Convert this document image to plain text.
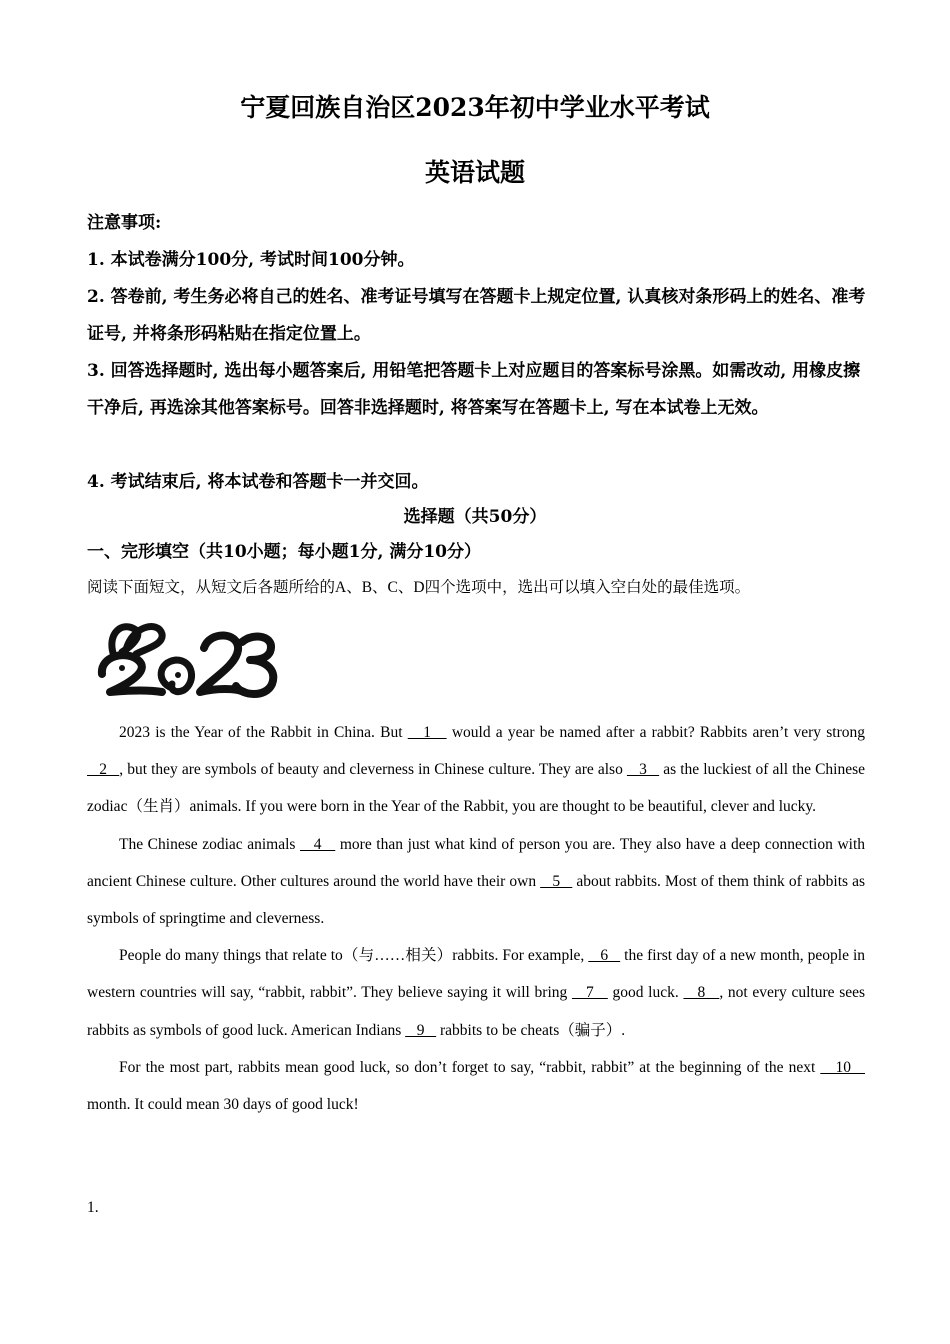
宁夏回族自治区2023年初中学业水平考试
英语试题
注意事项:
1. 本试卷满分100分, 考试时间100分钟。
2. 答卷前, 考生务必将自己的姓名、准考证号填写在答题卡上规定位置, 认真核对条形码上的姓名、准考证号, 并将条形码粘贴在指定位置上。
3. 回答选择题时, 选出每小题答案后, 用铅笔把答题卡上对应题目的答案标号涂黑。如需改动, 用橡皮擦干净后, 再选涂其他答案标号。回答非选择题时, 将答案写在答题卡上, 写在本试卷上无效。
4. 考试结束后, 将本试卷和答题卡一并交回。
选择题（共50分）
一、完形填空（共10小题；每小题1分, 满分10分）
阅读下面短文，从短文后各题所给的A、B、C、D四个选项中，选出可以填入空白处的最佳选项。

2023 is the Year of the Rabbit in China. But    1    would a year be named after a rabbit? Rabbits aren’t very strong    2   , but they are symbols of beauty and cleverness in Chinese culture. They are also    3    as the luckiest of all the Chinese zodiac（生肖）animals. If you were born in the Year of the Rabbit, you are thought to be beautiful, clever and lucky.

The Chinese zodiac animals    4    more than just what kind of person you are. They also have a deep connection with ancient Chinese culture. Other cultures around the world have their own    5    about rabbits. Most of them think of rabbits as symbols of springtime and cleverness.

People do many things that relate to（与……相关）rabbits. For example,    6    the first day of a new month, people in western countries will say, “rabbit, rabbit”. They believe saying it will bring    7    good luck.    8   , not every culture sees rabbits as symbols of good luck. American Indians    9    rabbits to be cheats（骗子）.

For the most part, rabbits mean good luck, so don’t forget to say, “rabbit, rabbit” at the beginning of the next    10    month. It could mean 30 days of good luck!

1.
